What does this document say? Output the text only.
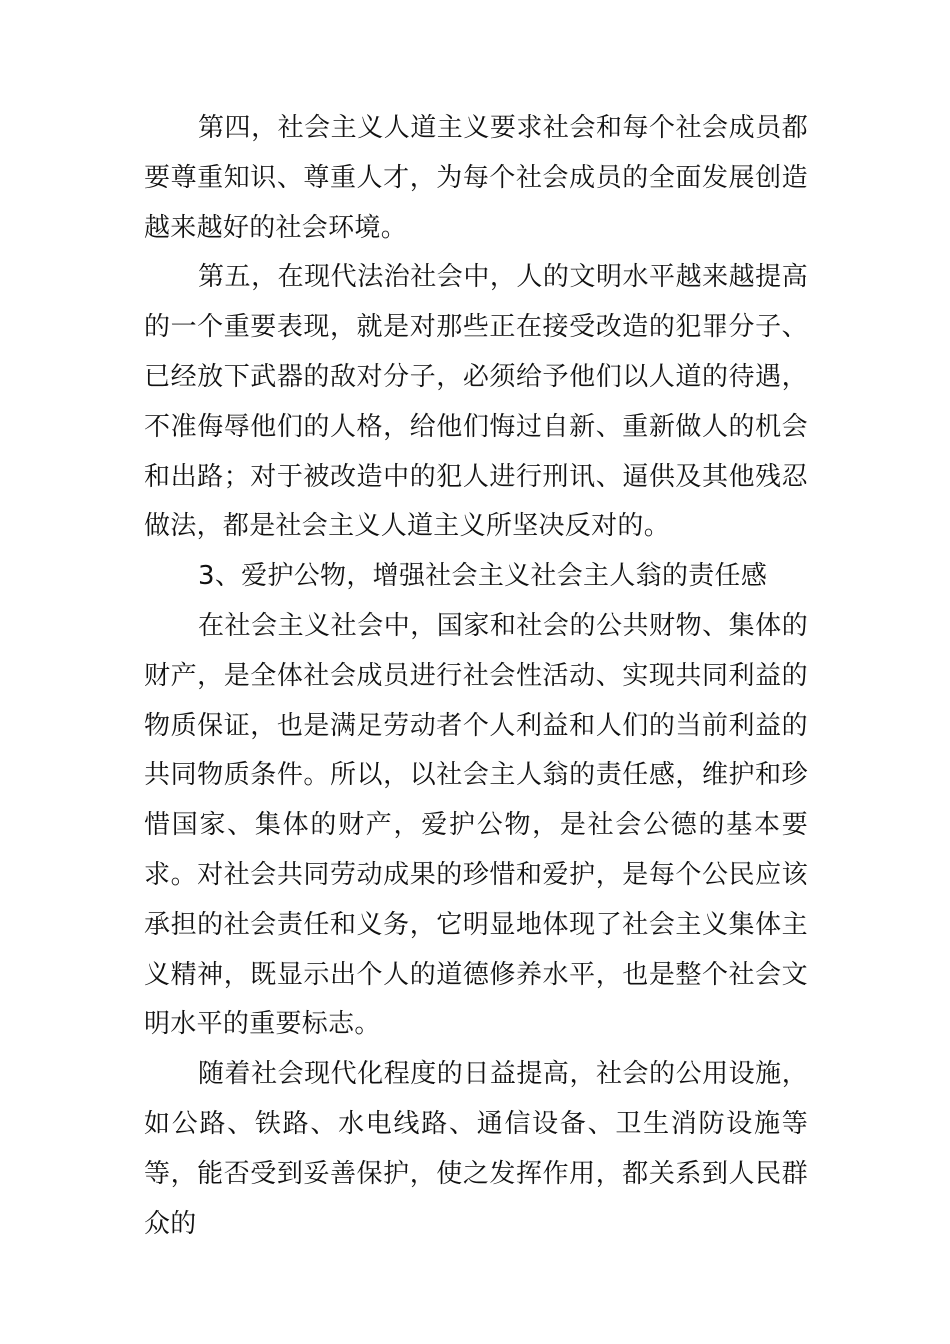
第四，社会主义人道主义要求社会和每个社会成员都要尊重知识、尊重人才，为每个社会成员的全面发展创造越来越好的社会环境。

第五，在现代法治社会中，人的文明水平越来越提高的一个重要表现，就是对那些正在接受改造的犯罪分子、已经放下武器的敌对分子，必须给予他们以人道的待遇，不准侮辱他们的人格，给他们悔过自新、重新做人的机会和出路；对于被改造中的犯人进行刑讯、逼供及其他残忍做法，都是社会主义人道主义所坚决反对的。

3、爱护公物，增强社会主义社会主人翁的责任感

在社会主义社会中，国家和社会的公共财物、集体的财产，是全体社会成员进行社会性活动、实现共同利益的物质保证，也是满足劳动者个人利益和人们的当前利益的共同物质条件。所以，以社会主人翁的责任感，维护和珍惜国家、集体的财产，爱护公物，是社会公德的基本要求。对社会共同劳动成果的珍惜和爱护，是每个公民应该承担的社会责任和义务，它明显地体现了社会主义集体主义精神，既显示出个人的道德修养水平，也是整个社会文明水平的重要标志。

随着社会现代化程度的日益提高，社会的公用设施，如公路、铁路、水电线路、通信设备、卫生消防设施等等，能否受到妥善保护，使之发挥作用，都关系到人民群众的
